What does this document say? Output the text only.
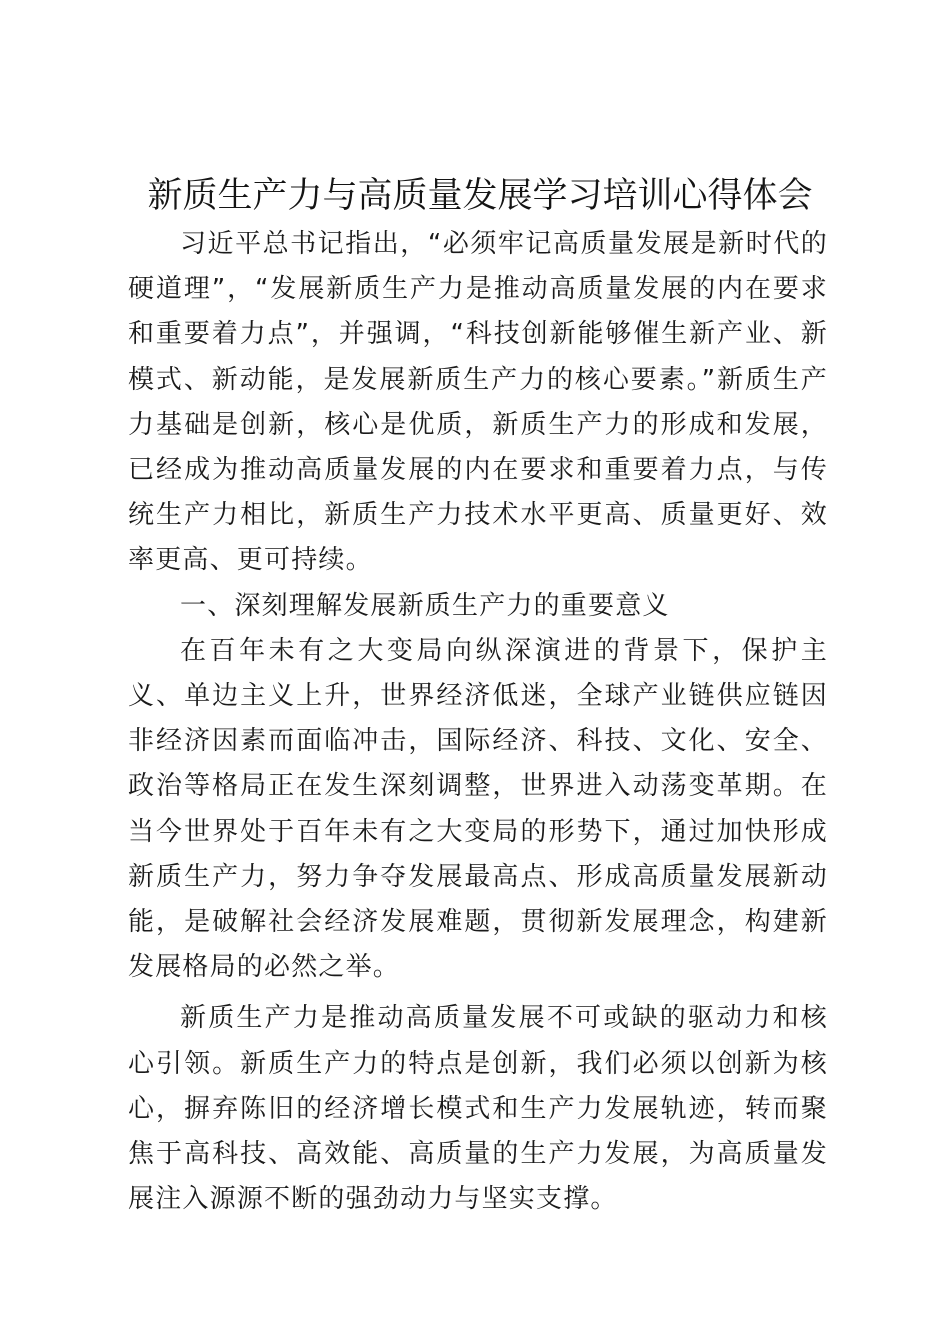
新质生产力与高质量发展学习培训心得体会

习近平总书记指出，“必须牢记高质量发展是新时代的硬道理”，“发展新质生产力是推动高质量发展的内在要求和重要着力点”，并强调，“科技创新能够催生新产业、新模式、新动能，是发展新质生产力的核心要素。”新质生产力基础是创新，核心是优质，新质生产力的形成和发展，已经成为推动高质量发展的内在要求和重要着力点，与传统生产力相比，新质生产力技术水平更高、质量更好、效率更高、更可持续。

一、深刻理解发展新质生产力的重要意义

在百年未有之大变局向纵深演进的背景下，保护主义、单边主义上升，世界经济低迷，全球产业链供应链因非经济因素而面临冲击，国际经济、科技、文化、安全、政治等格局正在发生深刻调整，世界进入动荡变革期。在当今世界处于百年未有之大变局的形势下，通过加快形成新质生产力，努力争夺发展最高点、形成高质量发展新动能，是破解社会经济发展难题，贯彻新发展理念，构建新发展格局的必然之举。

新质生产力是推动高质量发展不可或缺的驱动力和核心引领。新质生产力的特点是创新，我们必须以创新为核心，摒弃陈旧的经济增长模式和生产力发展轨迹，转而聚焦于高科技、高效能、高质量的生产力发展，为高质量发展注入源源不断的强劲动力与坚实支撑。
